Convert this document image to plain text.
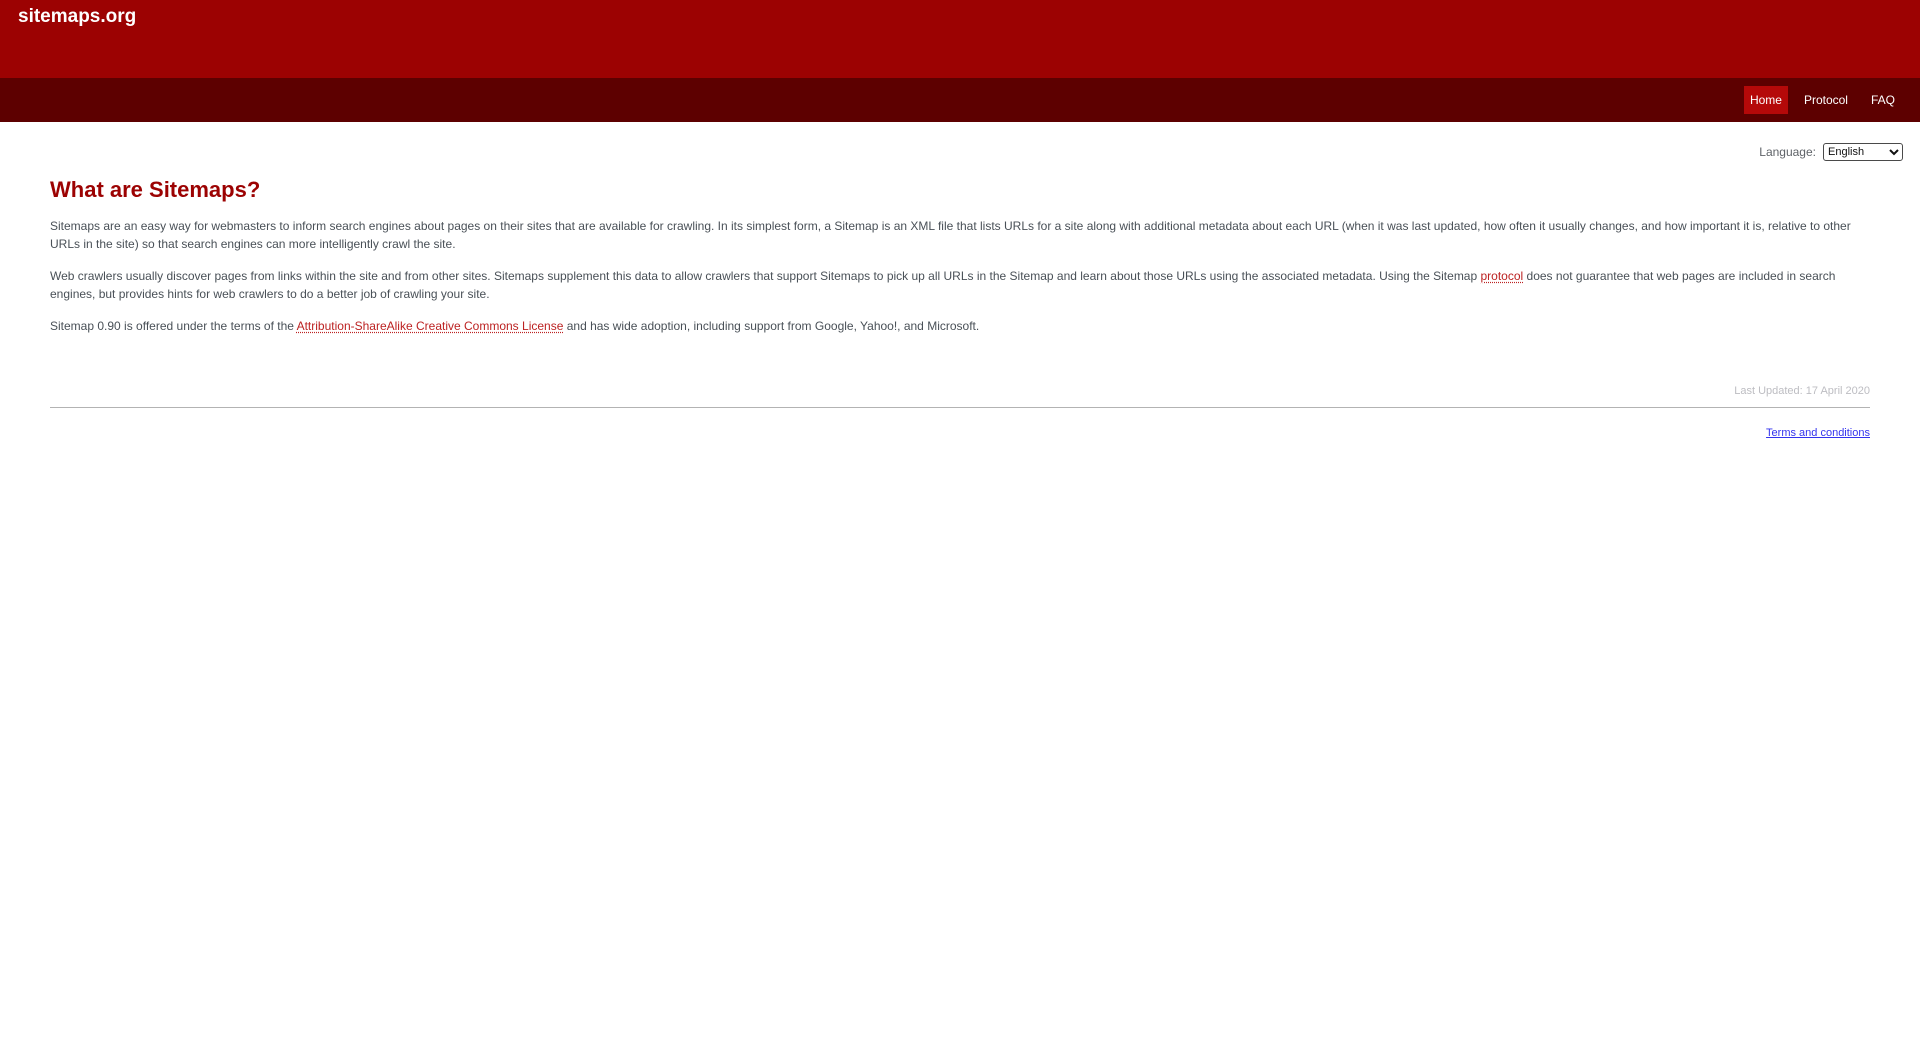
sitemaps.org
Home	Protocol	FAQ
Language:
English
What are Sitemaps?

Sitemaps are an easy way for webmasters to inform search engines about pages on their sites that are available for crawling. In its simplest form, a Sitemap is an XML file that lists URLs for a site along with additional metadata about each URL (when it was last updated, how often it usually changes, and how important it is, relative to other URLs in the site) so that search engines can more intelligently crawl the site.

Web crawlers usually discover pages from links within the site and from other sites. Sitemaps supplement this data to allow crawlers that support Sitemaps to pick up all URLs in the Sitemap and learn about those URLs using the associated metadata. Using the Sitemap protocol does not guarantee that web pages are included in search engines, but provides hints for web crawlers to do a better job of crawling your site.

Sitemap 0.90 is offered under the terms of the Attribution-ShareAlike Creative Commons License and has wide adoption, including support from Google, Yahoo!, and Microsoft.

Last Updated: 17 April 2020
Terms and conditions
